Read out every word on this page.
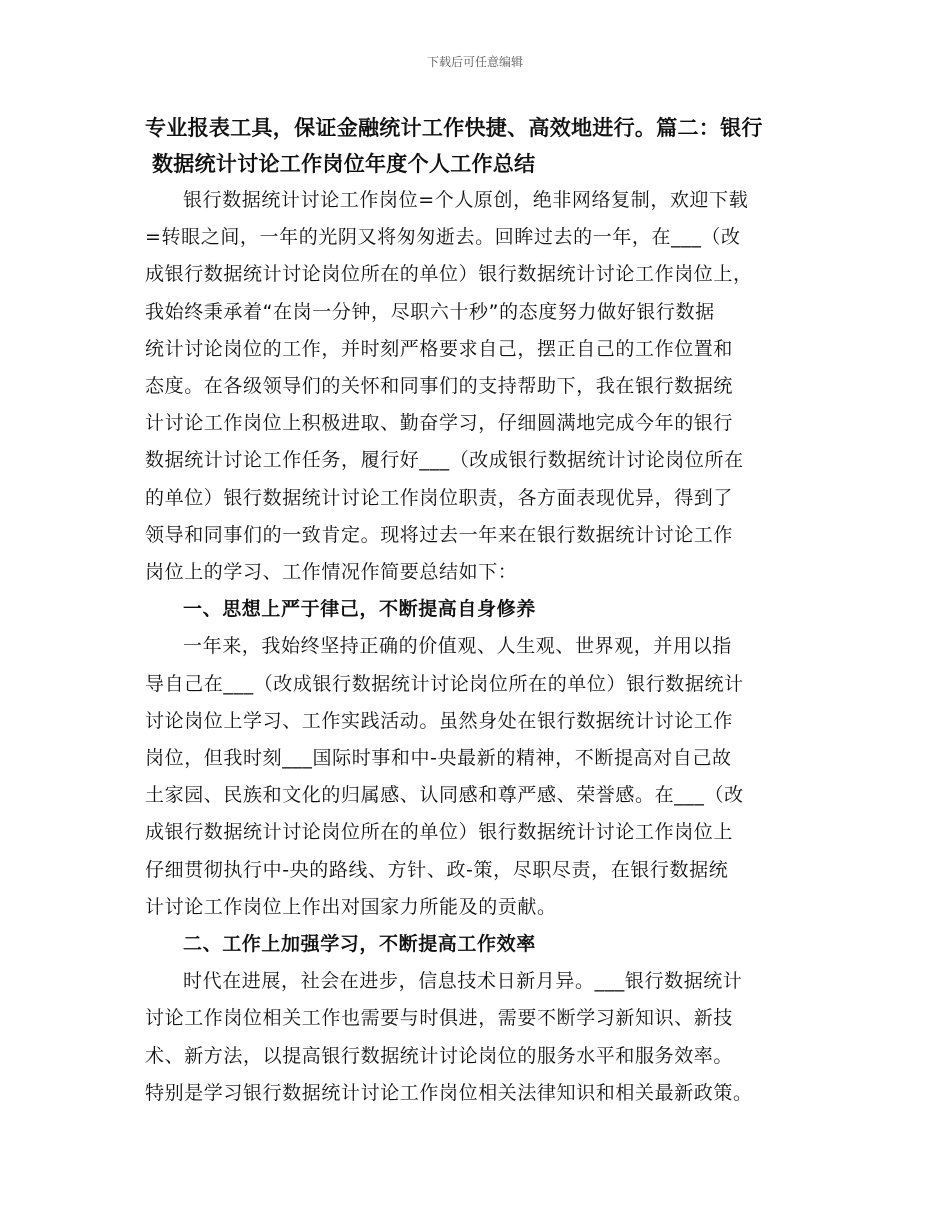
下载后可任意编辑
专业报表工具，保证金融统计工作快捷、高效地进行。篇二：银行
数据统计讨论工作岗位年度个人工作总结

银行数据统计讨论工作岗位=个人原创，绝非网络复制，欢迎下载
=转眼之间，一年的光阴又将匆匆逝去。回眸过去的一年，在___（改
成银行数据统计讨论岗位所在的单位）银行数据统计讨论工作岗位上，
我始终秉承着“在岗一分钟，尽职六十秒”的态度努力做好银行数据
统计讨论岗位的工作，并时刻严格要求自己，摆正自己的工作位置和
态度。在各级领导们的关怀和同事们的支持帮助下，我在银行数据统
计讨论工作岗位上积极进取、勤奋学习，仔细圆满地完成今年的银行
数据统计讨论工作任务，履行好___（改成银行数据统计讨论岗位所在
的单位）银行数据统计讨论工作岗位职责，各方面表现优异，得到了
领导和同事们的一致肯定。现将过去一年来在银行数据统计讨论工作
岗位上的学习、工作情况作简要总结如下：

一、思想上严于律己，不断提高自身修养

一年来，我始终坚持正确的价值观、人生观、世界观，并用以指
导自己在___（改成银行数据统计讨论岗位所在的单位）银行数据统计
讨论岗位上学习、工作实践活动。虽然身处在银行数据统计讨论工作
岗位，但我时刻___国际时事和中-央最新的精神，不断提高对自己故
土家园、民族和文化的归属感、认同感和尊严感、荣誉感。在___（改
成银行数据统计讨论岗位所在的单位）银行数据统计讨论工作岗位上
仔细贯彻执行中-央的路线、方针、政-策，尽职尽责，在银行数据统
计讨论工作岗位上作出对国家力所能及的贡献。

二、工作上加强学习，不断提高工作效率

时代在进展，社会在进步，信息技术日新月异。___银行数据统计
讨论工作岗位相关工作也需要与时俱进，需要不断学习新知识、新技
术、新方法，以提高银行数据统计讨论岗位的服务水平和服务效率。
特别是学习银行数据统计讨论工作岗位相关法律知识和相关最新政策。
